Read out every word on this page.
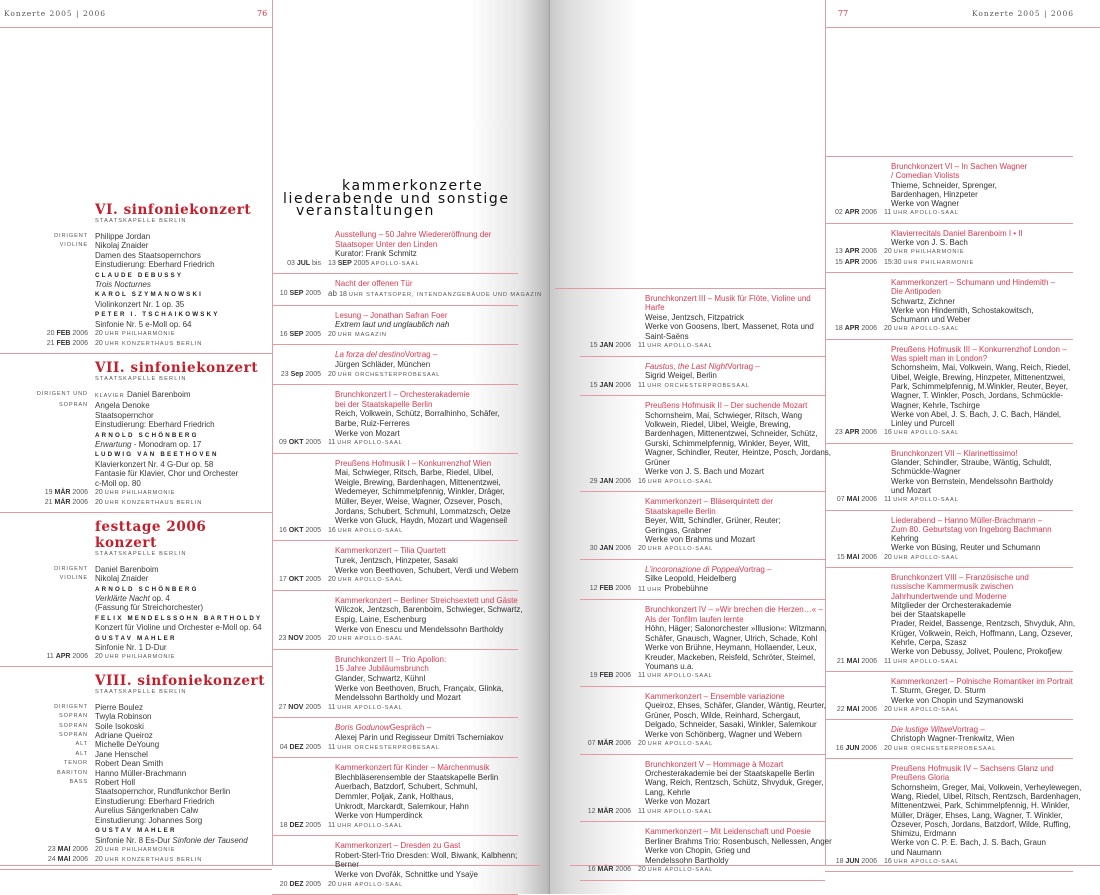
Konzerte 2005 | 2006	76
VI. sinfoniekonzert
STAATSKAPELLE BERLIN
DIRIGENT Philippe Jordan
VIOLINE Nikolaj Znaider
Damen des Staatsopernchors
Einstudierung: Eberhard Friedrich
CLAUDE DEBUSSY
Trois Nocturnes
KAROL SZYMANOWSKI
Violinkonzert Nr. 1 op. 35
PETER I. TSCHAIKOWSKY
Sinfonie Nr. 5 e-Moll op. 64
20 FEB 2006	20 UHR PHILHARMONIE
21 FEB 2006	20 UHR KONZERTHAUS BERLIN
VII. sinfoniekonzert
STAATSKAPELLE BERLIN
DIRIGENT UND	KLAVIER Daniel Barenboim
SOPRAN Angela Denoke
Staatsopernchor
Einstudierung: Eberhard Friedrich
ARNOLD SCHÖNBERG
Erwartung - Monodram op. 17
LUDWIG VAN BEETHOVEN
Klavierkonzert Nr. 4 G-Dur op. 58
Fantasie für Klavier, Chor und Orchester
c-Moll op. 80
19 MÄR 2006	20 UHR PHILHARMONIE
21 MÄR 2006	20 UHR KONZERTHAUS BERLIN
festtage 2006 konzert
STAATSKAPELLE BERLIN
DIRIGENT Daniel Barenboim
VIOLINE Nikolaj Znaider
ARNOLD SCHÖNBERG
Verklärte Nacht op. 4
(Fassung für Streichorchester)
FELIX MENDELSSOHN BARTHOLDY
Konzert für Violine und Orchester e-Moll op. 64
GUSTAV MAHLER
Sinfonie Nr. 1 D-Dur
11 APR 2006	20 UHR PHILHARMONIE
VIII. sinfoniekonzert
STAATSKAPELLE BERLIN
DIRIGENT Pierre Boulez
SOPRAN Twyla Robinson
SOPRAN Soile Isokoski
SOPRAN Adriane Queiroz
ALT Michelle DeYoung
ALT Jane Henschel
TENOR Robert Dean Smith
BARITON Hanno Müller-Brachmann
BASS Robert Holl
Staatsopernchor, Rundfunkchor Berlin
Einstudierung: Eberhard Friedrich
Aurelius Sängerknaben Calw
Einstudierung: Johannes Sorg
GUSTAV MAHLER
Sinfonie Nr. 8 Es-Dur Sinfonie der Tausend
23 MAI 2006	20 UHR PHILHARMONIE
24 MAI 2006	20 UHR KONZERTHAUS BERLIN
kammerkonzerte
liederabende und sonstige
veranstaltungen
Ausstellung – 50 Jahre Wiedereröffnung der
Staatsoper Unter den Linden
Kurator: Frank Schmitz
03 JUL bis	13 SEP 2005 APOLLO-SAAL
Nacht der offenen Tür
10 SEP 2005 ab 18 UHR STAATSOPER, INTENDANZGEBÄUDE UND MAGAZIN
Lesung – Jonathan Safran Foer
Extrem laut und unglaublich nah
16 SEP 2005	20 UHR MAGAZIN
La forza del destinoVortrag –
Jürgen Schläder, München
23 Sep 2005	20 UHR ORCHESTERPROBESAAL
Brunchkonzert I – Orchesterakademie
bei der Staatskapelle Berlin
Reich, Volkwein, Schütz, Borralhinho, Schäfer,
Barbe, Ruiz-Ferreres
Werke von Mozart
09 OKT 2005	11 UHR APOLLO-SAAL
Preußens Hofmusik I – Konkurrenzhof Wien
Mai, Schwieger, Ritsch, Barbe, Riedel, Uibel,
Weigle, Brewing, Bardenhagen, Mittenentzwei,
Wedemeyer, Schimmelpfennig, Winkler, Dräger,
Müller, Beyer, Weise, Wagner, Özsever, Posch,
Jordans, Schubert, Schmuhl, Lommatzsch, Oelze
Werke von Gluck, Haydn, Mozart und Wagenseil
16 OKT 2005	16 UHR APOLLO-SAAL
Kammerkonzert – Tilia Quartett
Turek, Jentzsch, Hinzpeter, Sasaki
Werke von Beethoven, Schubert, Verdi und Webern
17 OKT 2005	20 UHR APOLLO-SAAL
Kammerkonzert – Berliner Streichsextett und Gäste
Wilczok, Jentzsch, Barenboim, Schwieger, Schwartz,
Espig, Laine, Eschenburg
Werke von Enescu und Mendelssohn Bartholdy
23 NOV 2005	20 UHR APOLLO-SAAL
Brunchkonzert II – Trio Apollon:
15 Jahre Jubiläumsbrunch
Glander, Schwartz, Kühnl
Werke von Beethoven, Bruch, Françaix, Glinka,
Mendelssohn Bartholdy und Mozart
27 NOV 2005	11 UHR APOLLO-SAAL
Boris GodunowGespräch –
Alexej Parin und Regisseur Dmitri Tscherniakov
04 DEZ 2005	11 UHR ORCHESTERPROBESAAL
Kammerkonzert für Kinder – Märchenmusik
Blechbläserensemble der Staatskapelle Berlin
Auerbach, Batzdorf, Schubert, Schmuhl,
Demmler, Poljak, Zank, Holthaus,
Unkrodt, Marckardt, Salemkour, Hahn
Werke von Humperdinck
18 DEZ 2005	11 UHR APOLLO-SAAL
Kammerkonzert – Dresden zu Gast
Robert-Sterl-Trio Dresden: Woll, Biwank, Kalbhenn;
Berner
Werke von Dvořák, Schnittke und Ysaÿe
20 DEZ 2005	20 UHR APOLLO-SAAL
77	Konzerte 2005 | 2006
Brunchkonzert III – Musik für Flöte, Violine und
Harfe
Weise, Jentzsch, Fitzpatrick
Werke von Goosens, Ibert, Massenet, Rota und
Saint-Saëns
15 JAN 2006	11 UHR APOLLO-SAAL
Faustus, the Last NightVortrag –
Sigrid Weigel, Berlin
15 JAN 2006	11 UHR ORCHESTERPROBESAAL
Preußens Hofmusik II – Der suchende Mozart
Schornsheim, Mai, Schwieger, Ritsch, Wang
Volkwein, Riedel, Uibel, Weigle, Brewing,
Bardenhagen, Mittenentzwei, Schneider, Schütz,
Gurski, Schimmelpfennig, Winkler, Beyer, Witt,
Wagner, Schindler, Reuter, Heintze, Posch, Jordans,
Grüner
Werke von J. S. Bach und Mozart
29 JAN 2006	16 UHR APOLLO-SAAL
Kammerkonzert – Bläserquintett der
Staatskapelle Berlin
Beyer, Witt, Schindler, Grüner, Reuter;
Geringas, Grabner
Werke von Brahms und Mozart
30 JAN 2006	20 UHR APOLLO-SAAL
L'incoronazione di PoppeaVortrag –
Silke Leopold, Heidelberg
12 FEB 2006	11 UHR Probebühne
Brunchkonzert IV – »Wir brechen die Herzen…« –
Als der Tonfilm laufen lernte
Höhn, Häger; Salonorchester »Illusion«: Witzmann,
Schäfer, Gnausch, Wagner, Ulrich, Schade, Kohl
Werke von Brühne, Heymann, Hollaender, Leux,
Kreuder, Mackeben, Reisfeld, Schröter, Steimel,
Youmans u.a.
19 FEB 2006	11 UHR APOLLO-SAAL
Kammerkonzert – Ensemble variazione
Queiroz, Ehses, Schäfer, Glander, Wäntig, Reurter,
Grüner, Posch, Wilde, Reinhard, Schergaut,
Delgado, Schneider, Sasaki, Winkler, Salemkour
Werke von Schönberg, Wagner und Webern
07 MÄR 2006	20 UHR APOLLO-SAAL
Brunchkonzert V – Hommage à Mozart
Orchesterakademie bei der Staatskapelle Berlin
Wang, Reich, Rentzsch, Schütz, Shvyduk, Greger,
Lang, Kehrle
Werke von Mozart
12 MÄR 2006	11 UHR APOLLO-SAAL
Kammerkonzert – Mit Leidenschaft und Poesie
Berliner Brahms Trio: Rosenbusch, Nellessen, Anger
Werke von Chopin, Grieg und
Mendelssohn Bartholdy
16 MÄR 2006	20 UHR APOLLO-SAAL
Brunchkonzert VI – In Sachen Wagner
/ Comedian Violists
Thieme, Schneider, Sprenger,
Bardenhagen, Hinzpeter
Werke von Wagner
02 APR 2006	11 UHR APOLLO-SAAL
Klavierrecitals Daniel Barenboim I • II
Werke von J. S. Bach
13 APR 2006	20 UHR PHILHARMONIE
15 APR 2006	15:30 UHR PHILHARMONIE
Kammerkonzert – Schumann und Hindemith –
Die Antipoden
Schwartz, Zichner
Werke von Hindemith, Schostakowitsch,
Schumann und Weber
18 APR 2006	20 UHR APOLLO-SAAL
Preußens Hofmusik III – Konkurrenzhof London –
Was spielt man in London?
Schornsheim, Mai, Volkwein, Wang, Reich, Riedel,
Uibel, Weigle, Brewing, Hinzpeter, Mittenentzwei,
Park, Schimmelpfennig, M.Winkler, Reuter, Beyer,
Wagner, T. Winkler, Posch, Jordans, Schmückle-
Wagner, Kehrle, Tschirge
Werke von Abel, J. S. Bach, J. C. Bach, Händel,
Linley und Purcell
23 APR 2006	16 UHR APOLLO-SAAL
Brunchkonzert VII – Klarinettissimo!
Glander, Schindler, Straube, Wäntig, Schuldt,
Schmückle-Wagner
Werke von Bernstein, Mendelssohn Bartholdy
und Mozart
07 MAI 2006	11 UHR APOLLO-SAAL
Liederabend – Hanno Müller-Brachmann –
Zum 80. Geburtstag von Ingeborg Bachmann
Kehring
Werke von Büsing, Reuter und Schumann
15 MAI 2006	20 UHR APOLLO-SAAL
Brunchkonzert VIII – Französische und
russische Kammermusik zwischen
Jahrhundertwende und Moderne
Mitglieder der Orchesterakademie
bei der Staatskapelle
Prader, Reidel, Bassenge, Rentzsch, Shvyduk, Ahn,
Krüger, Volkwein, Reich, Hoffmann, Lang, Özsever,
Kehrle, Cerpa, Szasz
Werke von Debussy, Jolivet, Poulenc, Prokofjew
21 MAI 2006	11 UHR APOLLO-SAAL
Kammerkonzert – Polnische Romantiker im Portrait
T. Sturm, Greger, D. Sturm
Werke von Chopin und Szymanowski
22 MAI 2006	20 UHR APOLLO-SAAL
Die lustige WitweVortrag –
Christoph Wagner-Trenkwitz, Wien
16 JUN 2006	20 UHR ORCHESTERPROBESAAL
Preußens Hofmusik IV – Sachsens Glanz und
Preußens Gloria
Schornsheim, Greger, Mai, Volkwein, Verheylewegen,
Wang, Riedel, Uibel, Ritsch, Rentzsch, Bardenhagen,
Mittenentzwei, Park, Schimmelpfennig, H. Winkler,
Müller, Dräger, Ehses, Lang, Wagner, T. Winkler,
Özsever, Posch, Jordans, Batzdorf, Wilde, Ruffing,
Shimizu, Erdmann
Werke von C. P. E. Bach, J. S. Bach, Graun
und Naumann
18 JUN 2006	16 UHR APOLLO-SAAL
